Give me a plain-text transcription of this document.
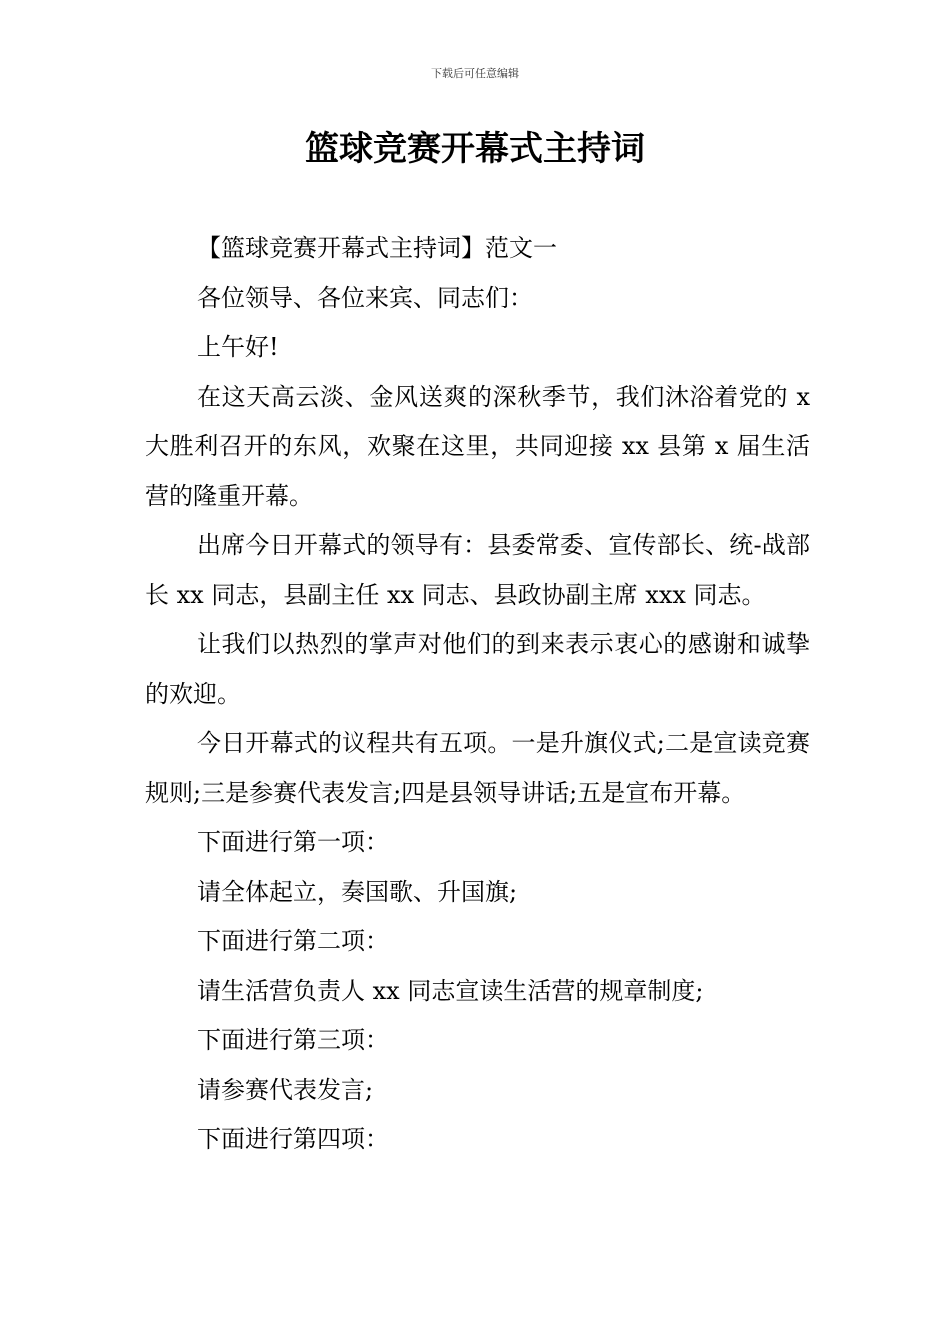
下载后可任意编辑
篮球竞赛开幕式主持词

【篮球竞赛开幕式主持词】范文一

各位领导、各位来宾、同志们：

上午好!

在这天高云淡、金风送爽的深秋季节，我们沐浴着党的 x 大胜利召开的东风，欢聚在这里，共同迎接 xx 县第 x 届生活营的隆重开幕。

出席今日开幕式的领导有：县委常委、宣传部长、统-战部长 xx 同志，县副主任 xx 同志、县政协副主席 xxx 同志。

让我们以热烈的掌声对他们的到来表示衷心的感谢和诚挚的欢迎。

今日开幕式的议程共有五项。一是升旗仪式;二是宣读竞赛规则;三是参赛代表发言;四是县领导讲话;五是宣布开幕。

下面进行第一项：

请全体起立，奏国歌、升国旗;

下面进行第二项：

请生活营负责人 xx 同志宣读生活营的规章制度;

下面进行第三项：

请参赛代表发言;

下面进行第四项：
